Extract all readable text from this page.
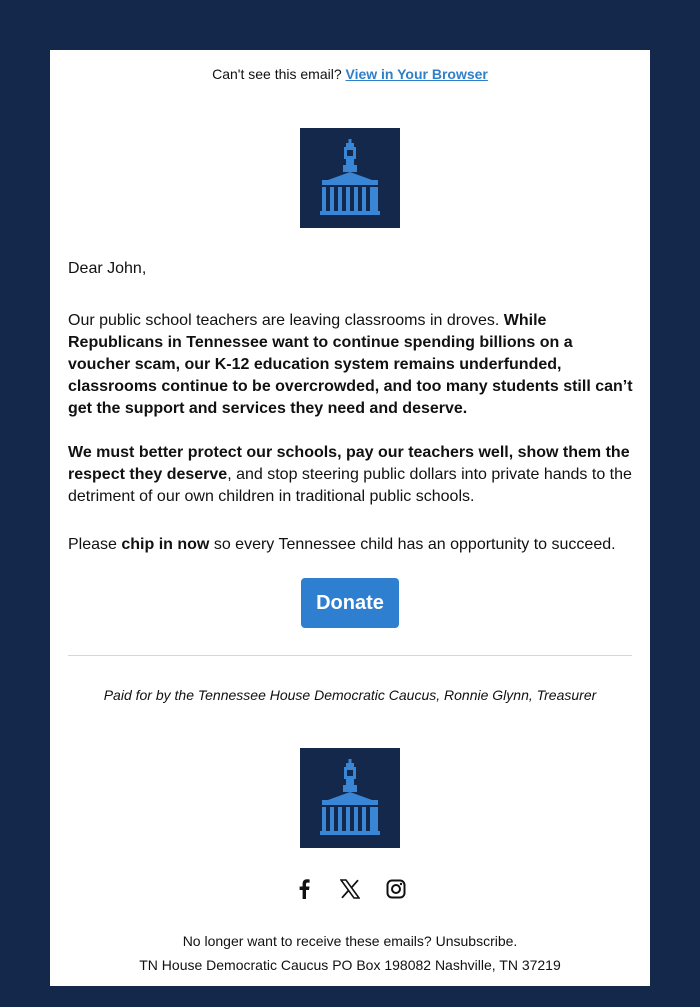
Can't see this email? View in Your Browser
Dear John,
Our public school teachers are leaving classrooms in droves. While Republicans in Tennessee want to continue spending billions on a voucher scam, our K-12 education system remains underfunded, classrooms continue to be overcrowded, and too many students still can’t get the support and services they need and deserve.
We must better protect our schools, pay our teachers well, show them the respect they deserve, and stop steering public dollars into private hands to the detriment of our own children in traditional public schools.
Please chip in now so every Tennessee child has an opportunity to succeed.
Donate
Paid for by the Tennessee House Democratic Caucus, Ronnie Glynn, Treasurer
No longer want to receive these emails? Unsubscribe.
TN House Democratic Caucus PO Box 198082 Nashville, TN 37219
